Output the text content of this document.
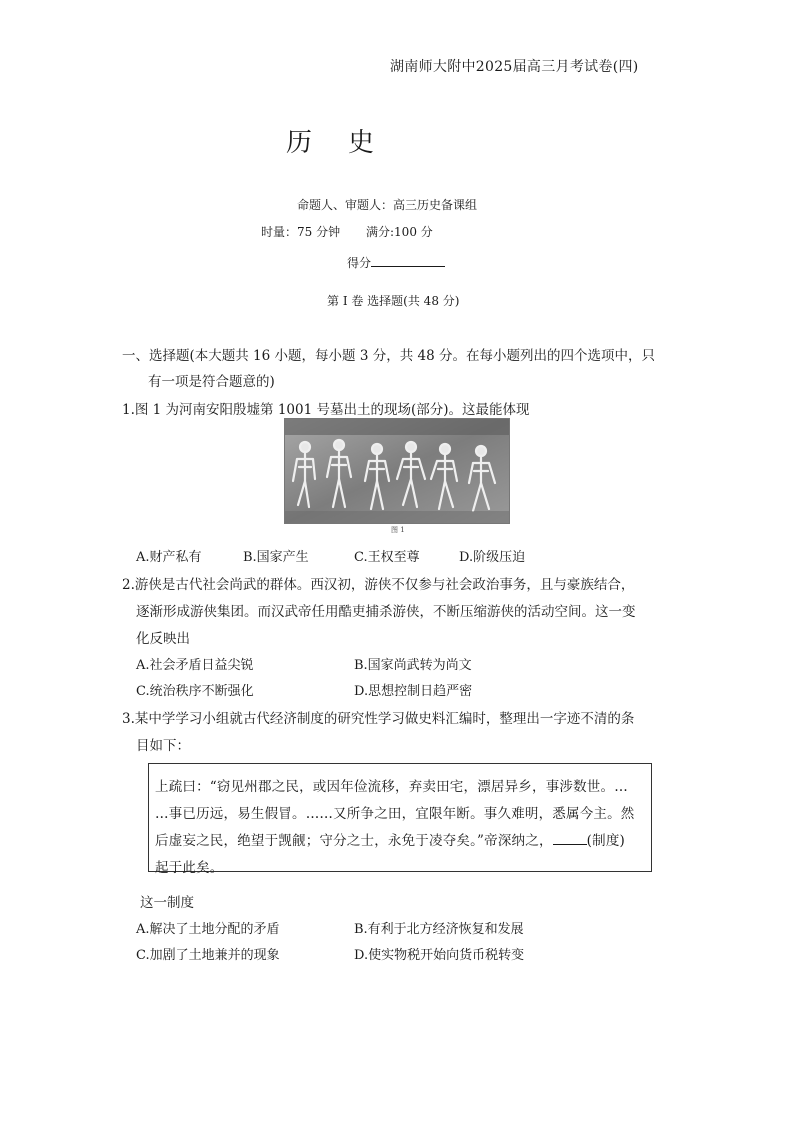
湖南师大附中2025届高三月考试卷(四)
历史
命题人、审题人：高三历史备课组
时量：75 分钟 满分:100 分
得分
第 I 卷 选择题(共 48 分)
一、选择题(本大题共 16 小题，每小题 3 分，共 48 分。在每小题列出的四个选项中，只
有一项是符合题意的)
1.图 1 为河南安阳殷墟第 1001 号墓出土的现场(部分)。这最能体现
图 1
A.财产私有	B.国家产生	C.王权至尊	D.阶级压迫
2.游侠是古代社会尚武的群体。西汉初，游侠不仅参与社会政治事务，且与豪族结合，
逐渐形成游侠集团。而汉武帝任用酷吏捕杀游侠，不断压缩游侠的活动空间。这一变
化反映出
A.社会矛盾日益尖锐	B.国家尚武转为尚文
C.统治秩序不断强化	D.思想控制日趋严密
3.某中学学习小组就古代经济制度的研究性学习做史料汇编时，整理出一字迹不清的条
目如下：
上疏曰：“窃见州郡之民，或因年俭流移，弃卖田宅，漂居异乡，事涉数世。…
…事已历远，易生假冒。……又所争之田，宜限年断。事久难明，悉属今主。然
后虚妄之民，绝望于觊觎；守分之士，永免于凌夺矣。”帝深纳之，	(制度)
起于此矣。
这一制度
A.解决了土地分配的矛盾	B.有利于北方经济恢复和发展
C.加剧了土地兼并的现象	D.使实物税开始向货币税转变
